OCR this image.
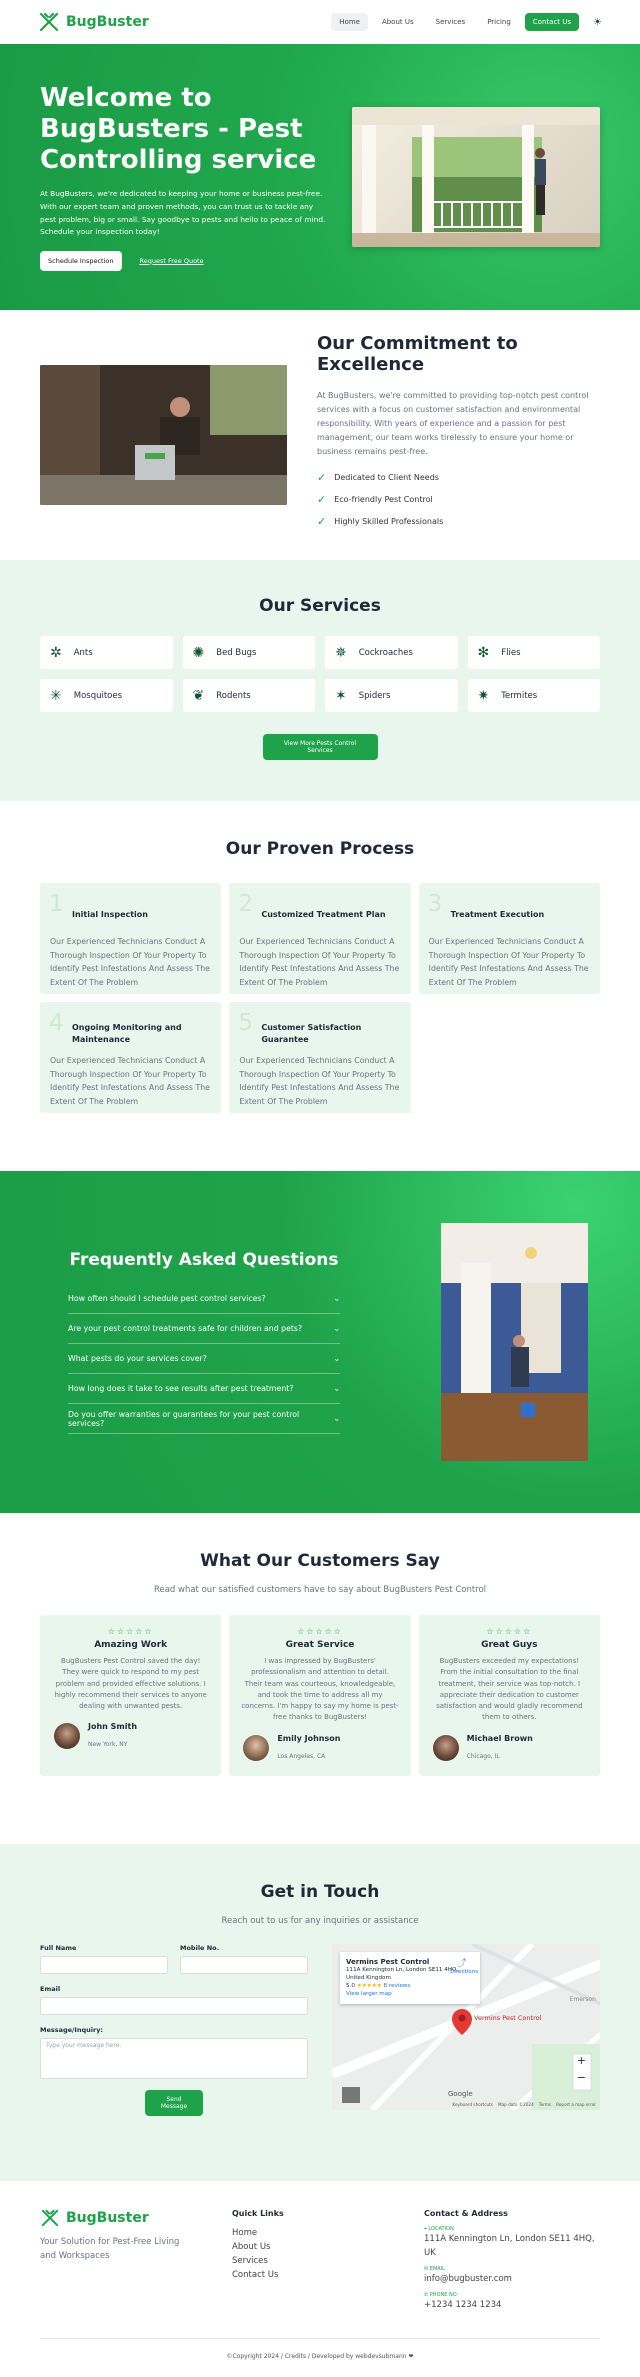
BugBuster	Home	About Us	Services	Pricing	Contact Us	☀
Welcome to BugBusters - Pest Controlling service

At BugBusters, we're dedicated to keeping your home or business pest-free. With our expert team and proven methods, you can trust us to tackle any pest problem, big or small. Say goodbye to pests and hello to peace of mind. Schedule your inspection today!

Schedule Inspection	Request Free Quote
Our Commitment to Excellence

At BugBusters, we're committed to providing top-notch pest control services with a focus on customer satisfaction and environmental responsibility. With years of experience and a passion for pest management, our team works tirelessly to ensure your home or business remains pest-free.

✓ Dedicated to Client Needs
✓ Eco-friendly Pest Control
✓ Highly Skilled Professionals
Our Services
✲ Ants	✺ Bed Bugs	✵ Cockroaches	✻ Flies
✳ Mosquitoes	❦ Rodents	✶ Spiders	✷ Termites
View More Pests Control Services
Our Proven Process
1 Initial Inspection

Our Experienced Technicians Conduct A Thorough Inspection Of Your Property To Identify Pest Infestations And Assess The Extent Of The Problem

2 Customized Treatment Plan

Our Experienced Technicians Conduct A Thorough Inspection Of Your Property To Identify Pest Infestations And Assess The Extent Of The Problem

3 Treatment Execution

Our Experienced Technicians Conduct A Thorough Inspection Of Your Property To Identify Pest Infestations And Assess The Extent Of The Problem

4 Ongoing Monitoring and Maintenance

Our Experienced Technicians Conduct A Thorough Inspection Of Your Property To Identify Pest Infestations And Assess The Extent Of The Problem

5 Customer Satisfaction Guarantee

Our Experienced Technicians Conduct A Thorough Inspection Of Your Property To Identify Pest Infestations And Assess The Extent Of The Problem

Frequently Asked Questions
How often should I schedule pest control services?	⌄
Are your pest control treatments safe for children and pets?	⌄
What pests do your services cover?	⌄
How long does it take to see results after pest treatment?	⌄
Do you offer warranties or guarantees for your pest control services?	⌄
What Our Customers Say

Read what our satisfied customers have to say about BugBusters Pest Control

☆☆☆☆☆
Amazing Work

BugBusters Pest Control saved the day! They were quick to respond to my pest problem and provided effective solutions. I highly recommend their services to anyone dealing with unwanted pests.

John Smith
New York, NY
☆☆☆☆☆
Great Service

I was impressed by BugBusters' professionalism and attention to detail. Their team was courteous, knowledgeable, and took the time to address all my concerns. I'm happy to say my home is pest-free thanks to BugBusters!

Emily Johnson
Los Angeles, CA
☆☆☆☆☆
Great Guys

BugBusters exceeded my expectations! From the initial consultation to the final treatment, their service was top-notch. I appreciate their dedication to customer satisfaction and would gladly recommend them to others.

Michael Brown
Chicago, IL
Get in Touch

Reach out to us for any inquiries or assistance

Full Name	Mobile No.
Email
Message/Inquiry:
Type your message here.
Send Message
Vermins Pest Control
111A Kennington Ln, London SE11 4HQ, United Kingdom
5.0 ★★★★★ 8 reviews
View larger map
⤴
Directions
Vermins Pest Control
Emerson
+
−
Google
Keyboard shortcuts Map data ©2024 Terms Report a map error
BugBuster

Your Solution for Pest-Free Living and Workspaces

Quick Links
Home
About Us
Services
Contact Us
Contact & Address
⌖ LOCATION
111A Kennington Ln, London SE11 4HQ, UK
✉ EMAIL
info@bugbuster.com
✆ PHONE NO.
+1234 1234 1234
©Copyright 2024 / Credits / Developed by webdevsubmann ❤
